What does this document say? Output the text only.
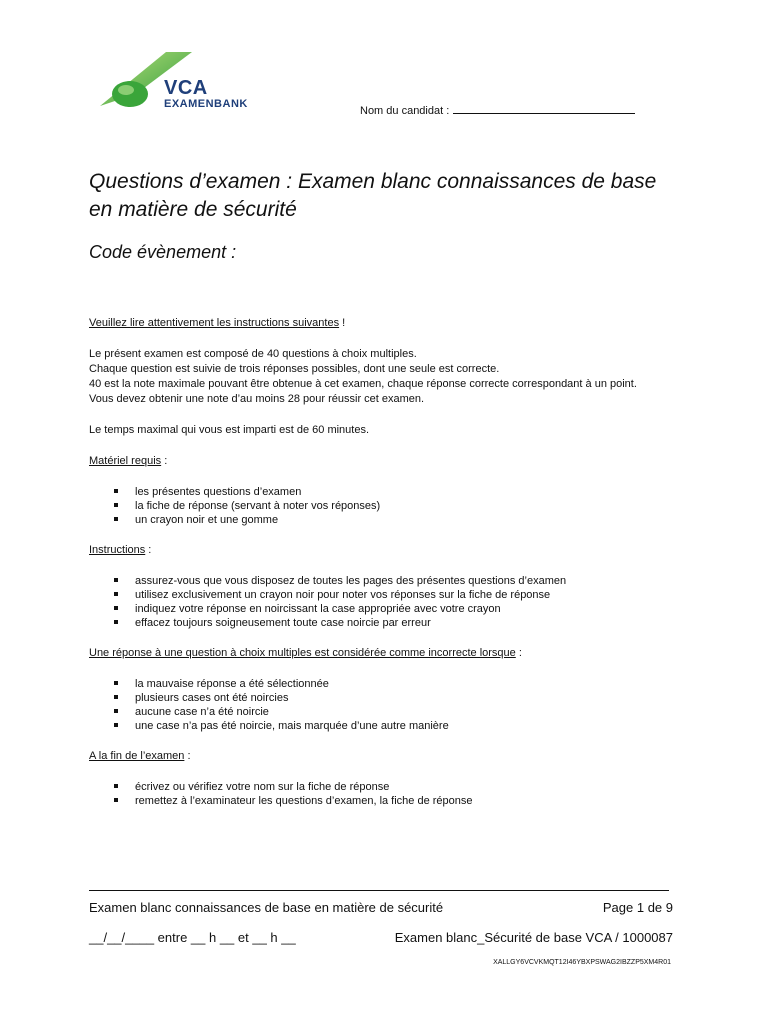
VCA
EXAMENBANK
Nom du candidat :
Questions d’examen : Examen blanc connaissances de base
en matière de sécurité
Code évènement :
Veuillez lire attentivement les instructions suivantes !
Le présent examen est composé de 40 questions à choix multiples.
Chaque question est suivie de trois réponses possibles, dont une seule est correcte.
40 est la note maximale pouvant être obtenue à cet examen, chaque réponse correcte correspondant à un point.
Vous devez obtenir une note d’au moins 28 pour réussir cet examen.
Le temps maximal qui vous est imparti est de 60 minutes.
Matériel requis :
les présentes questions d’examen
la fiche de réponse (servant à noter vos réponses)
un crayon noir et une gomme
Instructions :
assurez-vous que vous disposez de toutes les pages des présentes questions d’examen
utilisez exclusivement un crayon noir pour noter vos réponses sur la fiche de réponse
indiquez votre réponse en noircissant la case appropriée avec votre crayon
effacez toujours soigneusement toute case noircie par erreur
Une réponse à une question à choix multiples est considérée comme incorrecte lorsque :
la mauvaise réponse a été sélectionnée
plusieurs cases ont été noircies
aucune case n’a été noircie
une case n’a pas été noircie, mais marquée d’une autre manière
A la fin de l’examen :
écrivez ou vérifiez votre nom sur la fiche de réponse
remettez à l’examinateur les questions d’examen, la fiche de réponse
Examen blanc connaissances de base en matière de sécurité	Page 1 de 9
__/__/____ entre __ h __ et __ h __	Examen blanc_Sécurité de base VCA / 1000087
XALLGY6VCVKMQT12I46YBXPSWAG2IBZZP5XM4R01
